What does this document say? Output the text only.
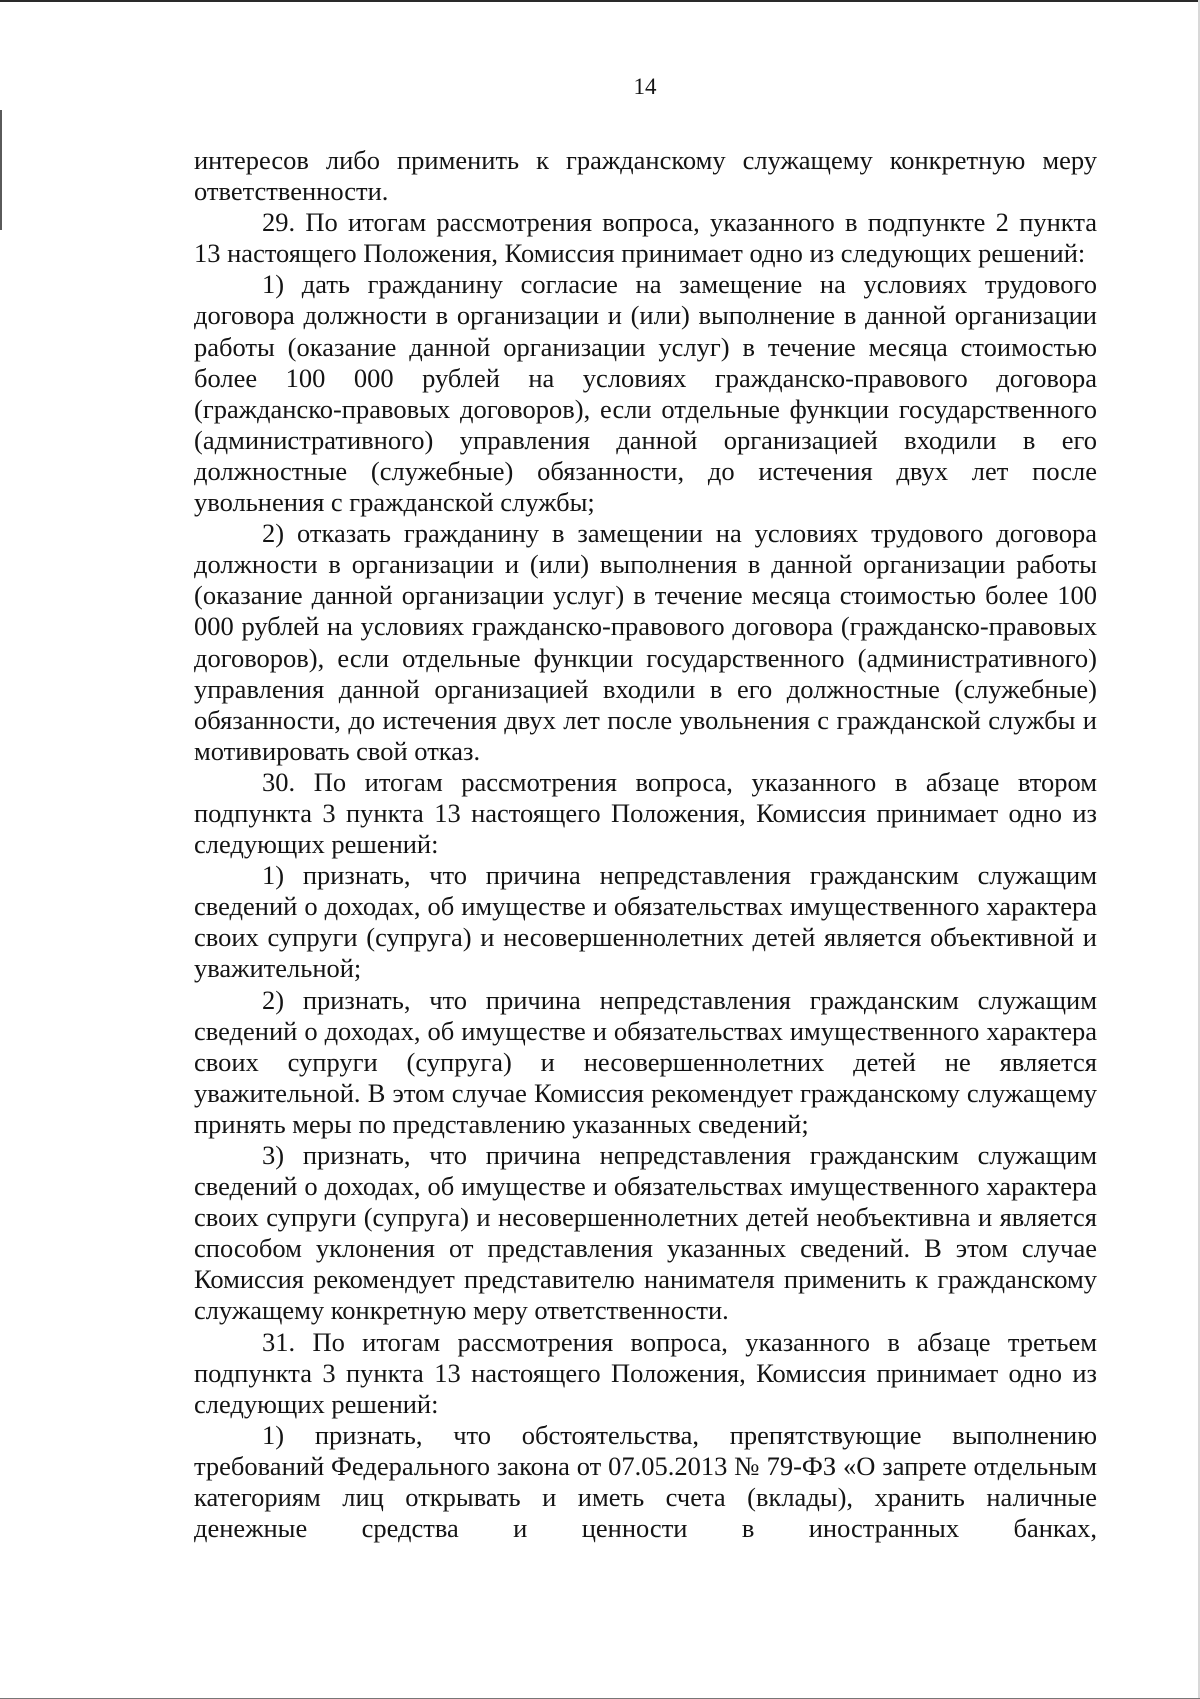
14

интересов либо применить к гражданскому служащему конкретную меру ответственности.

29. По итогам рассмотрения вопроса, указанного в подпункте 2 пункта 13 настоящего Положения, Комиссия принимает одно из следующих решений:

1) дать гражданину согласие на замещение на условиях трудового договора должности в организации и (или) выполнение в данной организации работы (оказание данной организации услуг) в течение месяца стоимостью более 100 000 рублей на условиях гражданско-правового договора (гражданско-правовых договоров), если отдельные функции государственного (административного) управления данной организацией входили в его должностные (служебные) обязанности, до истечения двух лет после увольнения с гражданской службы;

2) отказать гражданину в замещении на условиях трудового договора должности в организации и (или) выполнения в данной организации работы (оказание данной организации услуг) в течение месяца стоимостью более 100 000 рублей на условиях гражданско-правового договора (гражданско-правовых договоров), если отдельные функции государственного (административного) управления данной организацией входили в его должностные (служебные) обязанности, до истечения двух лет после увольнения с гражданской службы и мотивировать свой отказ.

30. По итогам рассмотрения вопроса, указанного в абзаце втором подпункта 3 пункта 13 настоящего Положения, Комиссия принимает одно из следующих решений:

1) признать, что причина непредставления гражданским служащим сведений о доходах, об имуществе и обязательствах имущественного характера своих супруги (супруга) и несовершеннолетних детей является объективной и уважительной;

2) признать, что причина непредставления гражданским служащим сведений о доходах, об имуществе и обязательствах имущественного характера своих супруги (супруга) и несовершеннолетних детей не является уважительной. В этом случае Комиссия рекомендует гражданскому служащему принять меры по представлению указанных сведений;

3) признать, что причина непредставления гражданским служащим сведений о доходах, об имуществе и обязательствах имущественного характера своих супруги (супруга) и несовершеннолетних детей необъективна и является способом уклонения от представления указанных сведений. В этом случае Комиссия рекомендует представителю нанимателя применить к гражданскому служащему конкретную меру ответственности.

31. По итогам рассмотрения вопроса, указанного в абзаце третьем подпункта 3 пункта 13 настоящего Положения, Комиссия принимает одно из следующих решений:

1) признать, что обстоятельства, препятствующие выполнению требований Федерального закона от 07.05.2013 № 79-ФЗ «О запрете отдельным категориям лиц открывать и иметь счета (вклады), хранить наличные денежные средства и ценности в иностранных банках,
